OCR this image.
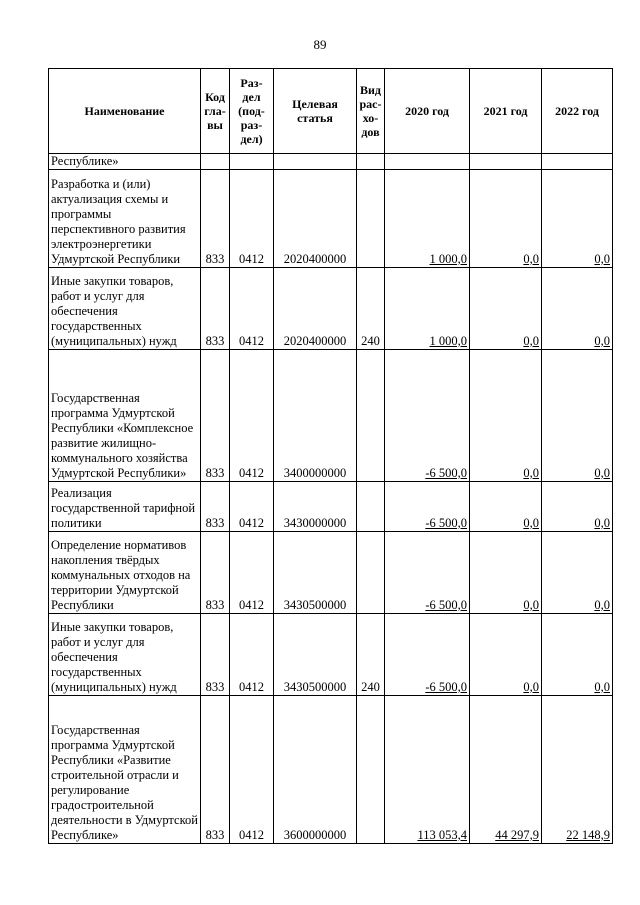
89
Наименование	Код гла- вы	Раз- дел (под- раз- дел)	Целевая статья	Вид рас- хо- дов	2020 год	2021 год	2022 год
Республике»							
Разработка и (или) актуализация схемы и программы перспективного развития электроэнергетики Удмуртской Республики	833	0412	2020400000		1 000,0	0,0	0,0
Иные закупки товаров, работ и услуг для обеспечения государственных (муниципальных) нужд	833	0412	2020400000	240	1 000,0	0,0	0,0
Государственная программа Удмуртской Республики «Комплексное развитие жилищно-коммунального хозяйства Удмуртской Республики»	833	0412	3400000000		-6 500,0	0,0	0,0
Реализация государственной тарифной политики	833	0412	3430000000		-6 500,0	0,0	0,0
Определение нормативов накопления твёрдых коммунальных отходов на территории Удмуртской Республики	833	0412	3430500000		-6 500,0	0,0	0,0
Иные закупки товаров, работ и услуг для обеспечения государственных (муниципальных) нужд	833	0412	3430500000	240	-6 500,0	0,0	0,0
Государственная программа Удмуртской Республики «Развитие строительной отрасли и регулирование градостроительной деятельности в Удмуртской Республике»	833	0412	3600000000		113 053,4	44 297,9	22 148,9
